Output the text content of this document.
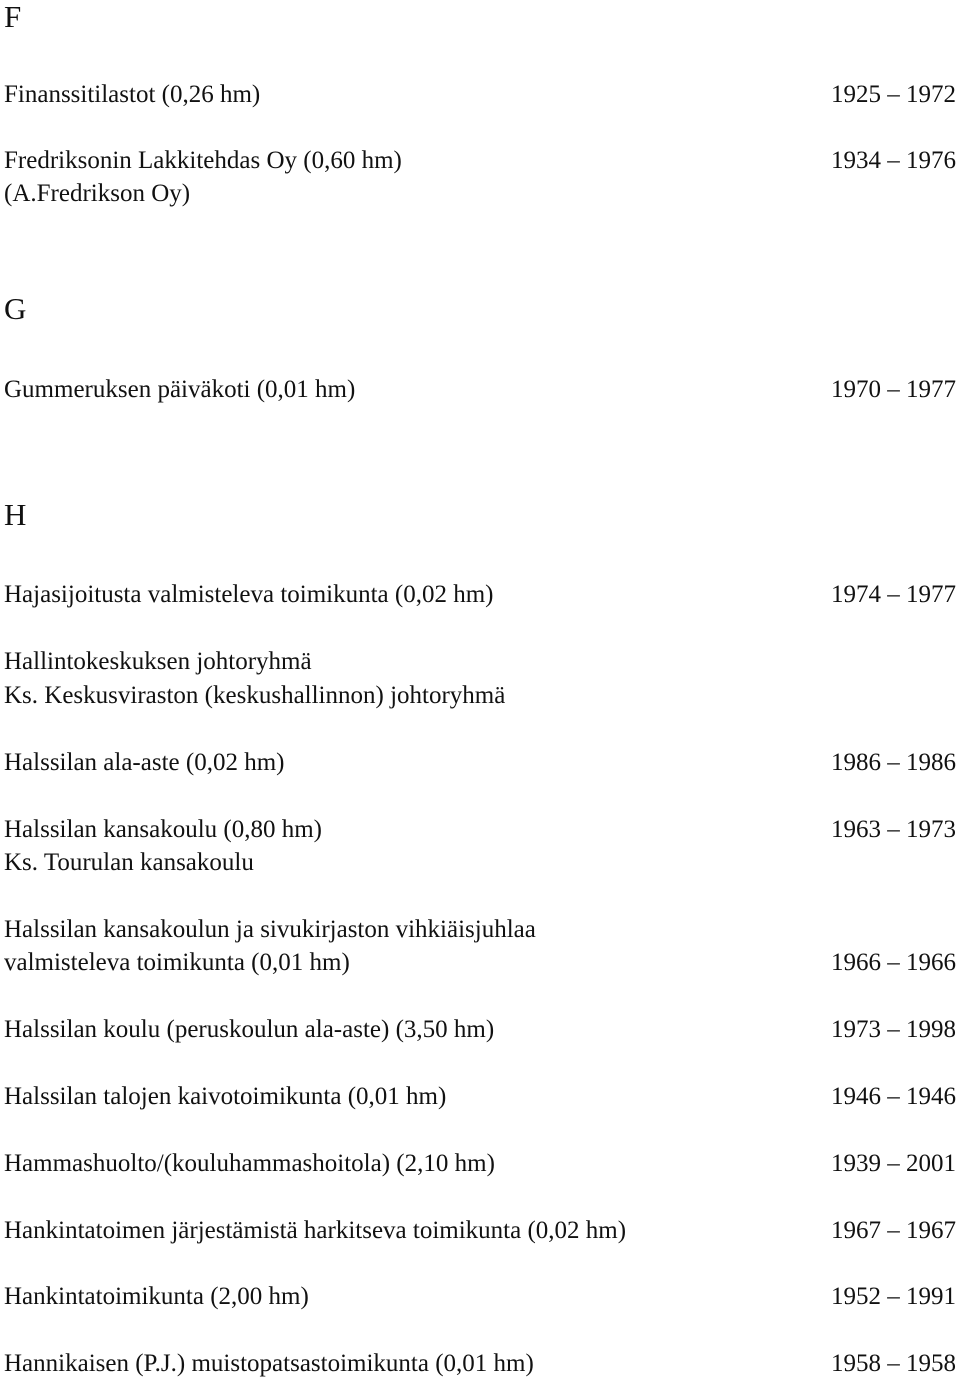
F
Finanssitilastot (0,26 hm)	1925 – 1972
Fredriksonin Lakkitehdas Oy (0,60 hm)	1934 – 1976
(A.Fredrikson Oy)
G
Gummeruksen päiväkoti (0,01 hm)	1970 – 1977
H
Hajasijoitusta valmisteleva toimikunta (0,02 hm)	1974 – 1977
Hallintokeskuksen johtoryhmä
Ks. Keskusviraston (keskushallinnon) johtoryhmä
Halssilan ala-aste (0,02 hm)	1986 – 1986
Halssilan kansakoulu (0,80 hm)	1963 – 1973
Ks. Tourulan kansakoulu
Halssilan kansakoulun ja sivukirjaston vihkiäisjuhlaa
valmisteleva toimikunta (0,01 hm)	1966 – 1966
Halssilan koulu (peruskoulun ala-aste) (3,50 hm)	1973 – 1998
Halssilan talojen kaivotoimikunta (0,01 hm)	1946 – 1946
Hammashuolto/(kouluhammashoitola) (2,10 hm)	1939 – 2001
Hankintatoimen järjestämistä harkitseva toimikunta (0,02 hm)	1967 – 1967
Hankintatoimikunta (2,00 hm)	1952 – 1991
Hannikaisen (P.J.) muistopatsastoimikunta (0,01 hm)	1958 – 1958
